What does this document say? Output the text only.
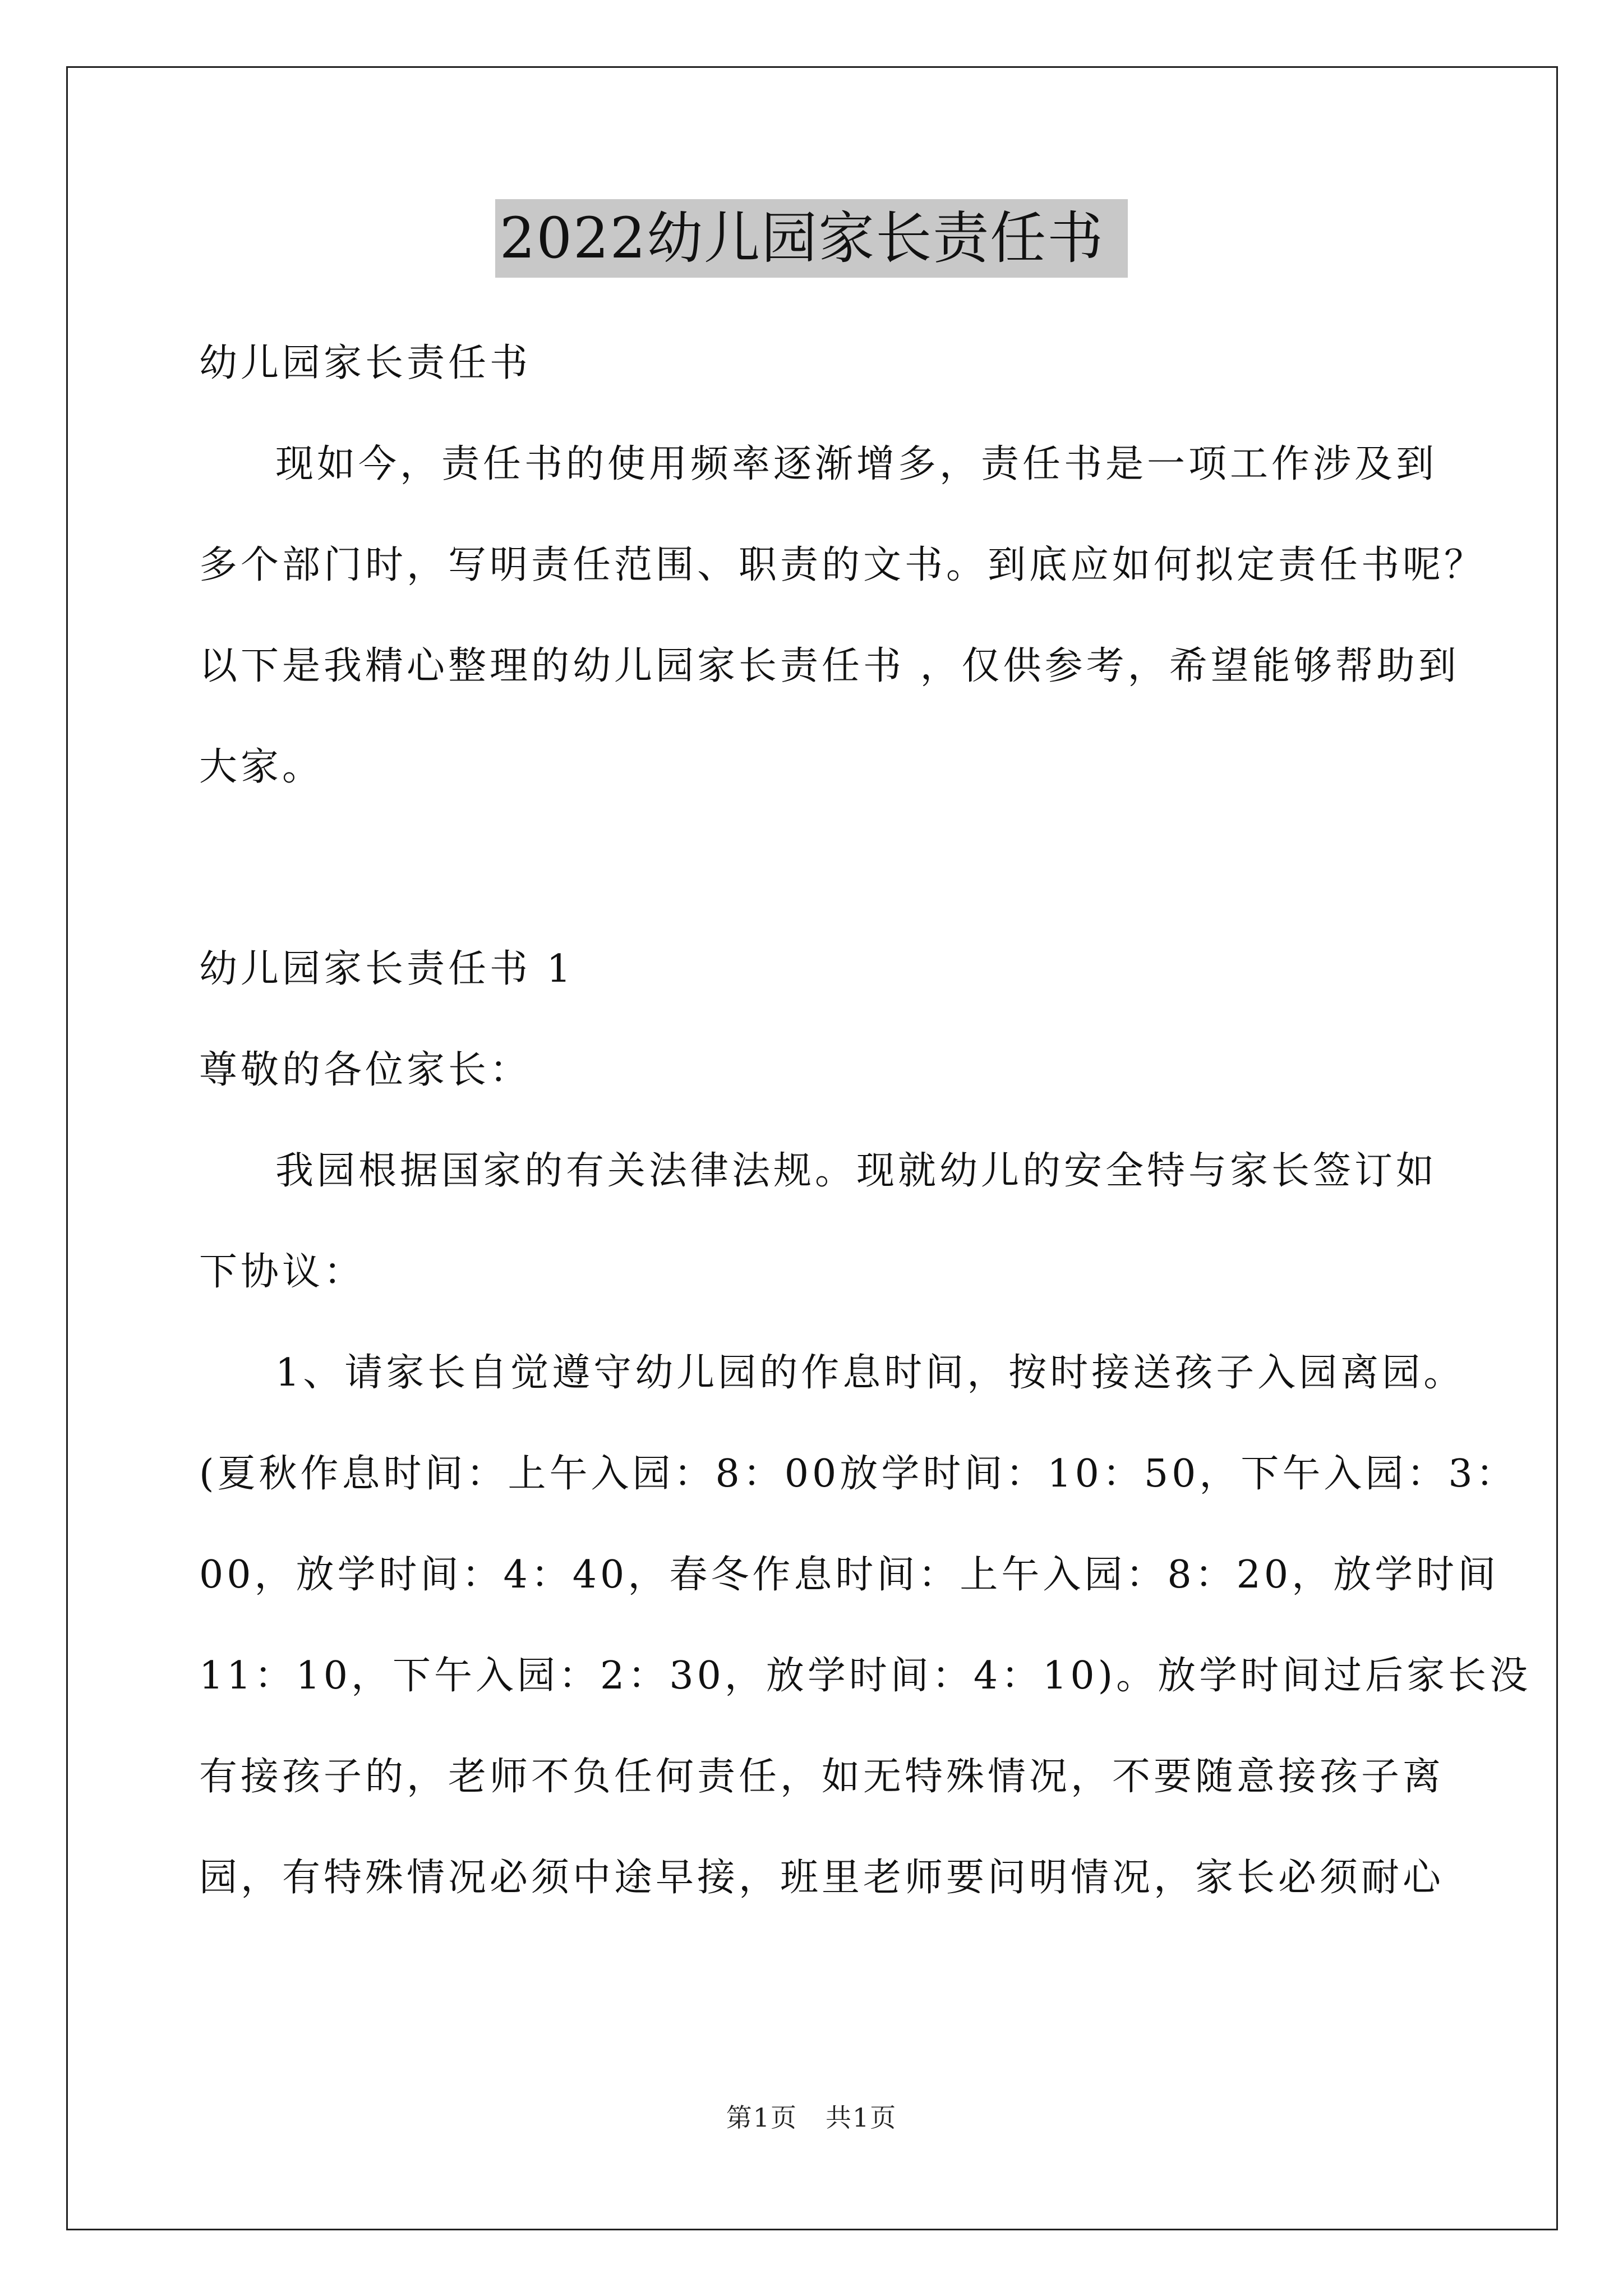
2022幼儿园家长责任书
幼儿园家长责任书
现如今，责任书的使用频率逐渐增多，责任书是一项工作涉及到
多个部门时，写明责任范围、职责的文书。到底应如何拟定责任书呢？
以下是我精心整理的幼儿园家长责任书 ，仅供参考，希望能够帮助到
大家。
幼儿园家长责任书 1
尊敬的各位家长：
我园根据国家的有关法律法规。现就幼儿的安全特与家长签订如
下协议：
1、请家长自觉遵守幼儿园的作息时间，按时接送孩子入园离园。
(夏秋作息时间：上午入园：8：00放学时间：10：50，下午入园：3：
00，放学时间：4：40，春冬作息时间：上午入园：8：20，放学时间
11：10，下午入园：2：30，放学时间：4：10)。放学时间过后家长没
有接孩子的，老师不负任何责任，如无特殊情况，不要随意接孩子离
园，有特殊情况必须中途早接，班里老师要问明情况，家长必须耐心
第1页 共1页
